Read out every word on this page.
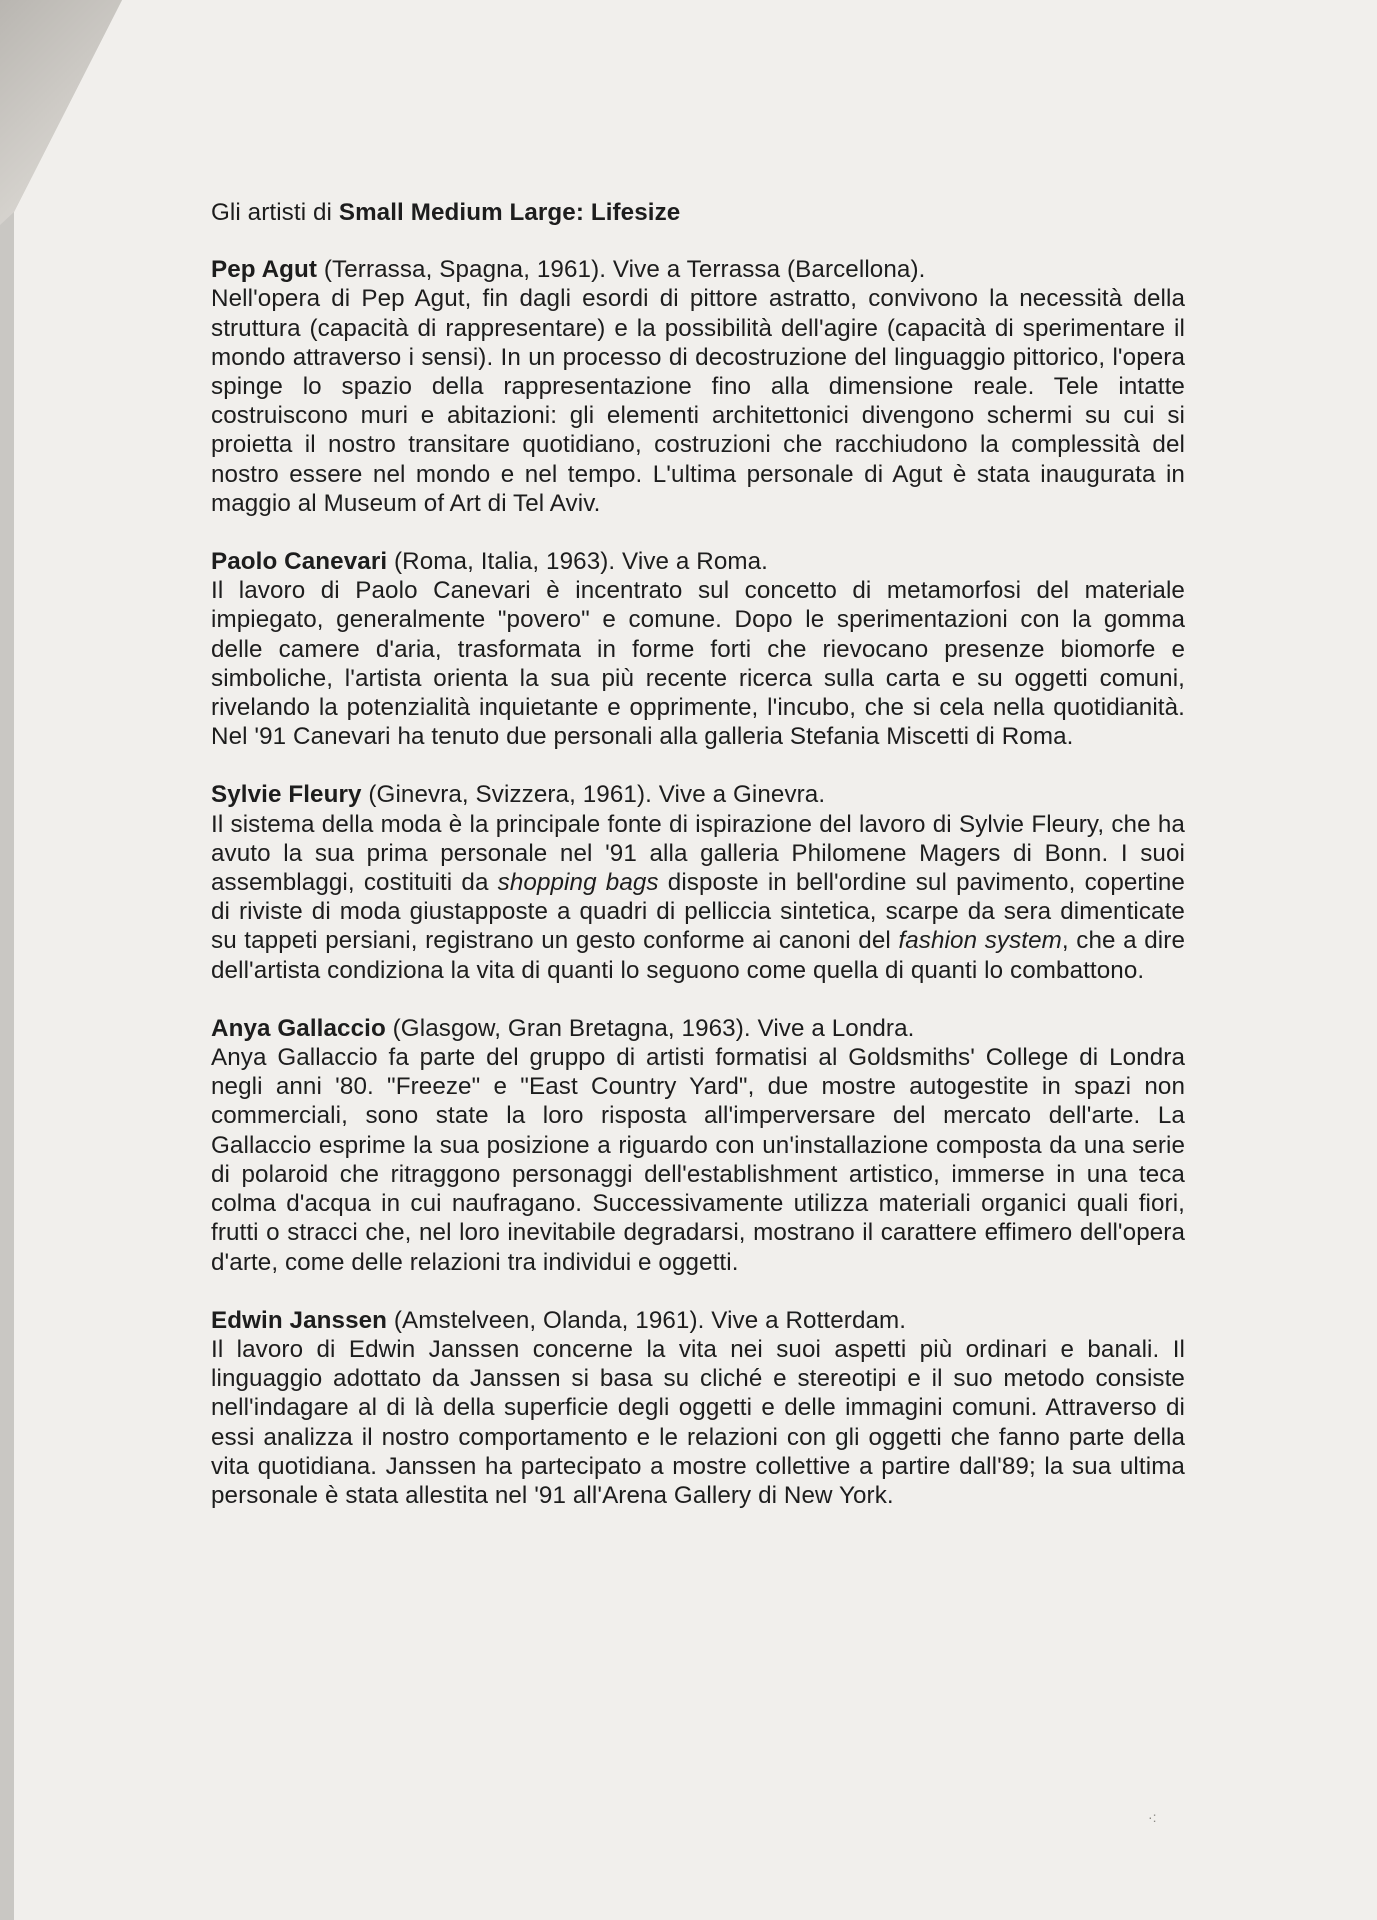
Gli artisti di Small Medium Large: Lifesize

Pep Agut (Terrassa, Spagna, 1961). Vive a Terrassa (Barcellona).

Nell'opera di Pep Agut, fin dagli esordi di pittore astratto, convivono la necessità della struttura (capacità di rappresentare) e la possibilità dell'agire (capacità di sperimentare il mondo attraverso i sensi). In un processo di decostruzione del linguaggio pittorico, l'opera spinge lo spazio della rappresentazione fino alla dimensione reale. Tele intatte costruiscono muri e abitazioni: gli elementi architettonici divengono schermi su cui si proietta il nostro transitare quotidiano, costruzioni che racchiudono la complessità del nostro essere nel mondo e nel tempo. L'ultima personale di Agut è stata inaugurata in maggio al Museum of Art di Tel Aviv.

Paolo Canevari (Roma, Italia, 1963). Vive a Roma.

Il lavoro di Paolo Canevari è incentrato sul concetto di metamorfosi del materiale impiegato, generalmente "povero" e comune. Dopo le sperimentazioni con la gomma delle camere d'aria, trasformata in forme forti che rievocano presenze biomorfe e simboliche, l'artista orienta la sua più recente ricerca sulla carta e su oggetti comuni, rivelando la potenzialità inquietante e opprimente, l'incubo, che si cela nella quotidianità. Nel '91 Canevari ha tenuto due personali alla galleria Stefania Miscetti di Roma.

Sylvie Fleury (Ginevra, Svizzera, 1961). Vive a Ginevra.

Il sistema della moda è la principale fonte di ispirazione del lavoro di Sylvie Fleury, che ha avuto la sua prima personale nel '91 alla galleria Philomene Magers di Bonn. I suoi assemblaggi, costituiti da shopping bags disposte in bell'ordine sul pavimento, copertine di riviste di moda giustapposte a quadri di pelliccia sintetica, scarpe da sera dimenticate su tappeti persiani, registrano un gesto conforme ai canoni del fashion system, che a dire dell'artista condiziona la vita di quanti lo seguono come quella di quanti lo combattono.

Anya Gallaccio (Glasgow, Gran Bretagna, 1963). Vive a Londra.

Anya Gallaccio fa parte del gruppo di artisti formatisi al Goldsmiths' College di Londra negli anni '80. "Freeze" e "East Country Yard", due mostre autogestite in spazi non commerciali, sono state la loro risposta all'imperversare del mercato dell'arte. La Gallaccio esprime la sua posizione a riguardo con un'installazione composta da una serie di polaroid che ritraggono personaggi dell'establishment artistico, immerse in una teca colma d'acqua in cui naufragano. Successivamente utilizza materiali organici quali fiori, frutti o stracci che, nel loro inevitabile degradarsi, mostrano il carattere effimero dell'opera d'arte, come delle relazioni tra individui e oggetti.

Edwin Janssen (Amstelveen, Olanda, 1961). Vive a Rotterdam.

Il lavoro di Edwin Janssen concerne la vita nei suoi aspetti più ordinari e banali. Il linguaggio adottato da Janssen si basa su cliché e stereotipi e il suo metodo consiste nell'indagare al di là della superficie degli oggetti e delle immagini comuni. Attraverso di essi analizza il nostro comportamento e le relazioni con gli oggetti che fanno parte della vita quotidiana. Janssen ha partecipato a mostre collettive a partire dall'89; la sua ultima personale è stata allestita nel '91 all'Arena Gallery di New York.

·:
